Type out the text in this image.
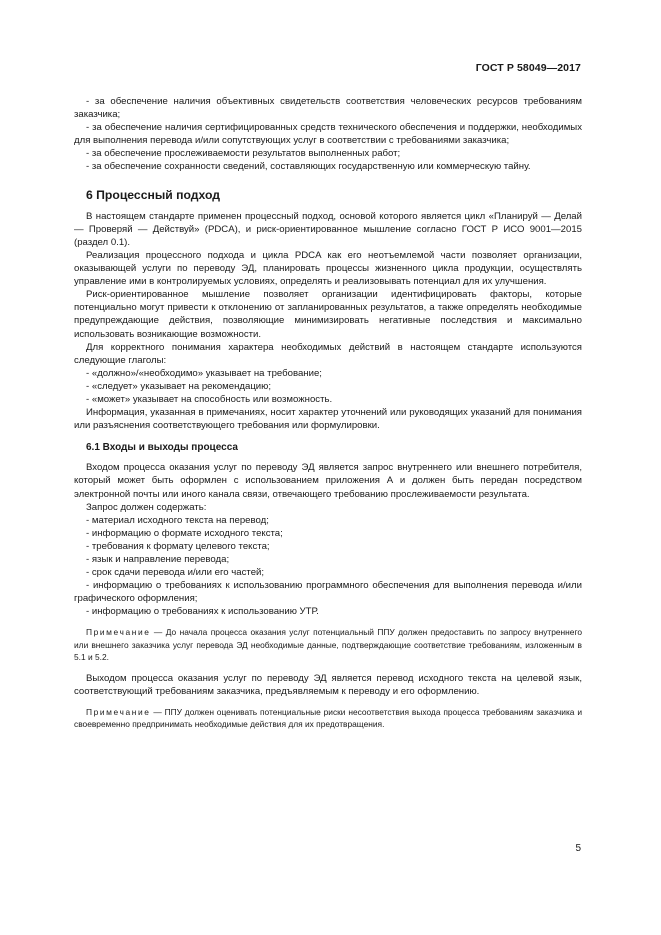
ГОСТ Р 58049—2017

- за обеспечение наличия объективных свидетельств соответствия человеческих ресурсов требованиям заказчика;

- за обеспечение наличия сертифицированных средств технического обеспечения и поддержки, необходимых для выполнения перевода и/или сопутствующих услуг в соответствии с требованиями заказчика;

- за обеспечение прослеживаемости результатов выполненных работ;

- за обеспечение сохранности сведений, составляющих государственную или коммерческую тайну.

6 Процессный подход

В настоящем стандарте применен процессный подход, основой которого является цикл «Планируй — Делай — Проверяй — Действуй» (PDCA), и риск-ориентированное мышление согласно ГОСТ Р ИСО 9001—2015 (раздел 0.1).

Реализация процессного подхода и цикла PDCA как его неотъемлемой части позволяет организации, оказывающей услуги по переводу ЭД, планировать процессы жизненного цикла продукции, осуществлять управление ими в контролируемых условиях, определять и реализовывать потенциал для их улучшения.

Риск-ориентированное мышление позволяет организации идентифицировать факторы, которые потенциально могут привести к отклонению от запланированных результатов, а также определять необходимые предупреждающие действия, позволяющие минимизировать негативные последствия и максимально использовать возникающие возможности.

Для корректного понимания характера необходимых действий в настоящем стандарте используются следующие глаголы:

- «должно»/«необходимо» указывает на требование;

- «следует» указывает на рекомендацию;

- «может» указывает на способность или возможность.

Информация, указанная в примечаниях, носит характер уточнений или руководящих указаний для понимания или разъяснения соответствующего требования или формулировки.

6.1 Входы и выходы процесса

Входом процесса оказания услуг по переводу ЭД является запрос внутреннего или внешнего потребителя, который может быть оформлен с использованием приложения А и должен быть передан посредством электронной почты или иного канала связи, отвечающего требованию прослеживаемости результата.

Запрос должен содержать:

- материал исходного текста на перевод;

- информацию о формате исходного текста;

- требования к формату целевого текста;

- язык и направление перевода;

- срок сдачи перевода и/или его частей;

- информацию о требованиях к использованию программного обеспечения для выполнения перевода и/или графического оформления;

- информацию о требованиях к использованию УТР.

Примечание — До начала процесса оказания услуг потенциальный ППУ должен предоставить по запросу внутреннего или внешнего заказчика услуг перевода ЭД необходимые данные, подтверждающие соответствие требованиям, изложенным в 5.1 и 5.2.

Выходом процесса оказания услуг по переводу ЭД является перевод исходного текста на целевой язык, соответствующий требованиям заказчика, предъявляемым к переводу и его оформлению.

Примечание — ППУ должен оценивать потенциальные риски несоответствия выхода процесса требованиям заказчика и своевременно предпринимать необходимые действия для их предотвращения.

5
